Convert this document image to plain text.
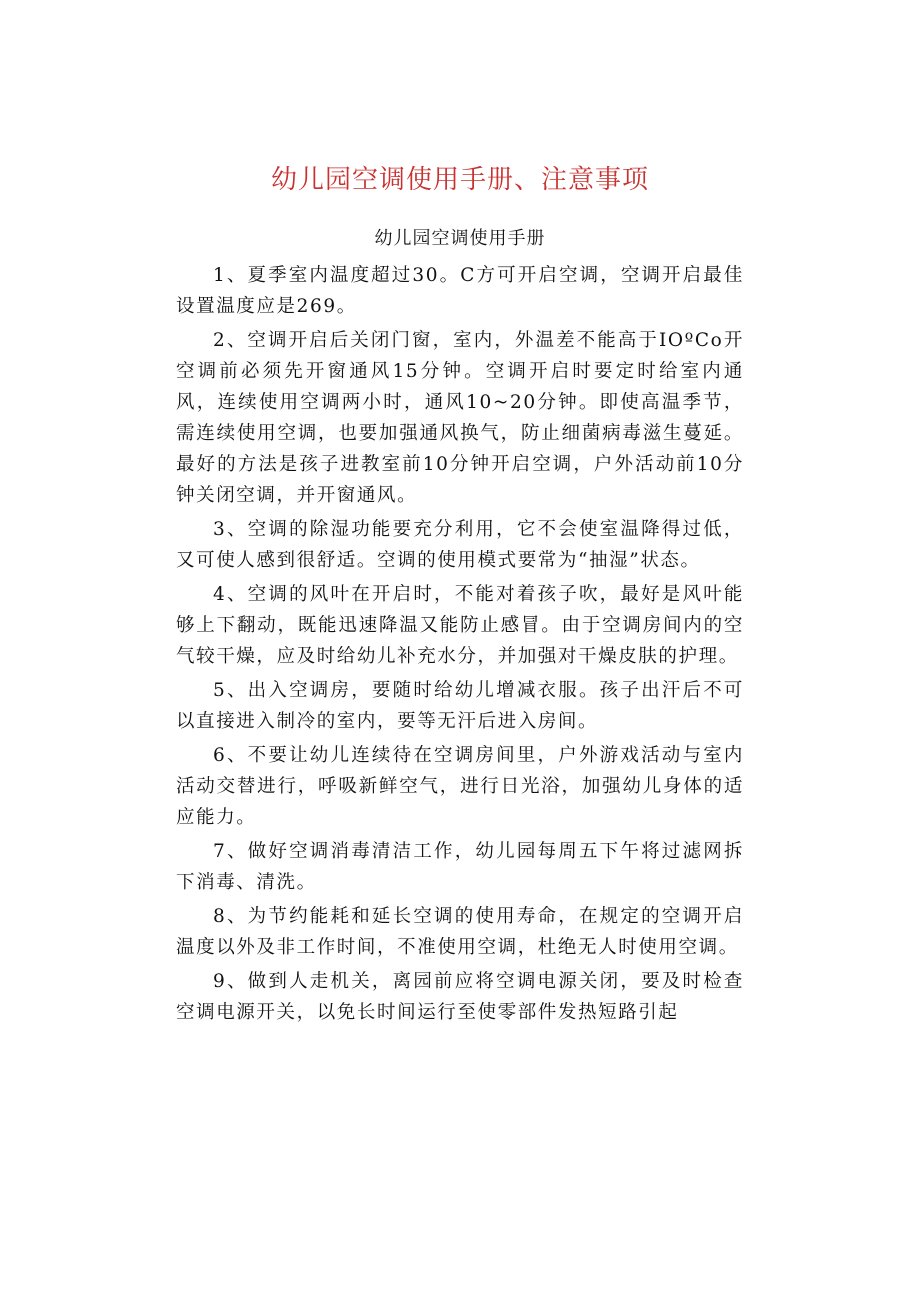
幼儿园空调使用手册、注意事项
幼儿园空调使用手册

1、夏季室内温度超过30。C方可开启空调，空调开启最佳设置温度应是269。

2、空调开启后关闭门窗，室内，外温差不能高于IOºCo开空调前必须先开窗通风15分钟。空调开启时要定时给室内通风，连续使用空调两小时，通风10~20分钟。即使高温季节，需连续使用空调，也要加强通风换气，防止细菌病毒滋生蔓延。最好的方法是孩子进教室前10分钟开启空调，户外活动前10分钟关闭空调，并开窗通风。

3、空调的除湿功能要充分利用，它不会使室温降得过低，又可使人感到很舒适。空调的使用模式要常为“抽湿”状态。

4、空调的风叶在开启时，不能对着孩子吹，最好是风叶能够上下翻动，既能迅速降温又能防止感冒。由于空调房间内的空气较干燥，应及时给幼儿补充水分，并加强对干燥皮肤的护理。

5、出入空调房，要随时给幼儿增减衣服。孩子出汗后不可以直接进入制冷的室内，要等无汗后进入房间。

6、不要让幼儿连续待在空调房间里，户外游戏活动与室内活动交替进行，呼吸新鲜空气，进行日光浴，加强幼儿身体的适应能力。

7、做好空调消毒清洁工作，幼儿园每周五下午将过滤网拆下消毒、清洗。

8、为节约能耗和延长空调的使用寿命，在规定的空调开启温度以外及非工作时间，不准使用空调，杜绝无人时使用空调。

9、做到人走机关，离园前应将空调电源关闭，要及时检查空调电源开关，以免长时间运行至使零部件发热短路引起
